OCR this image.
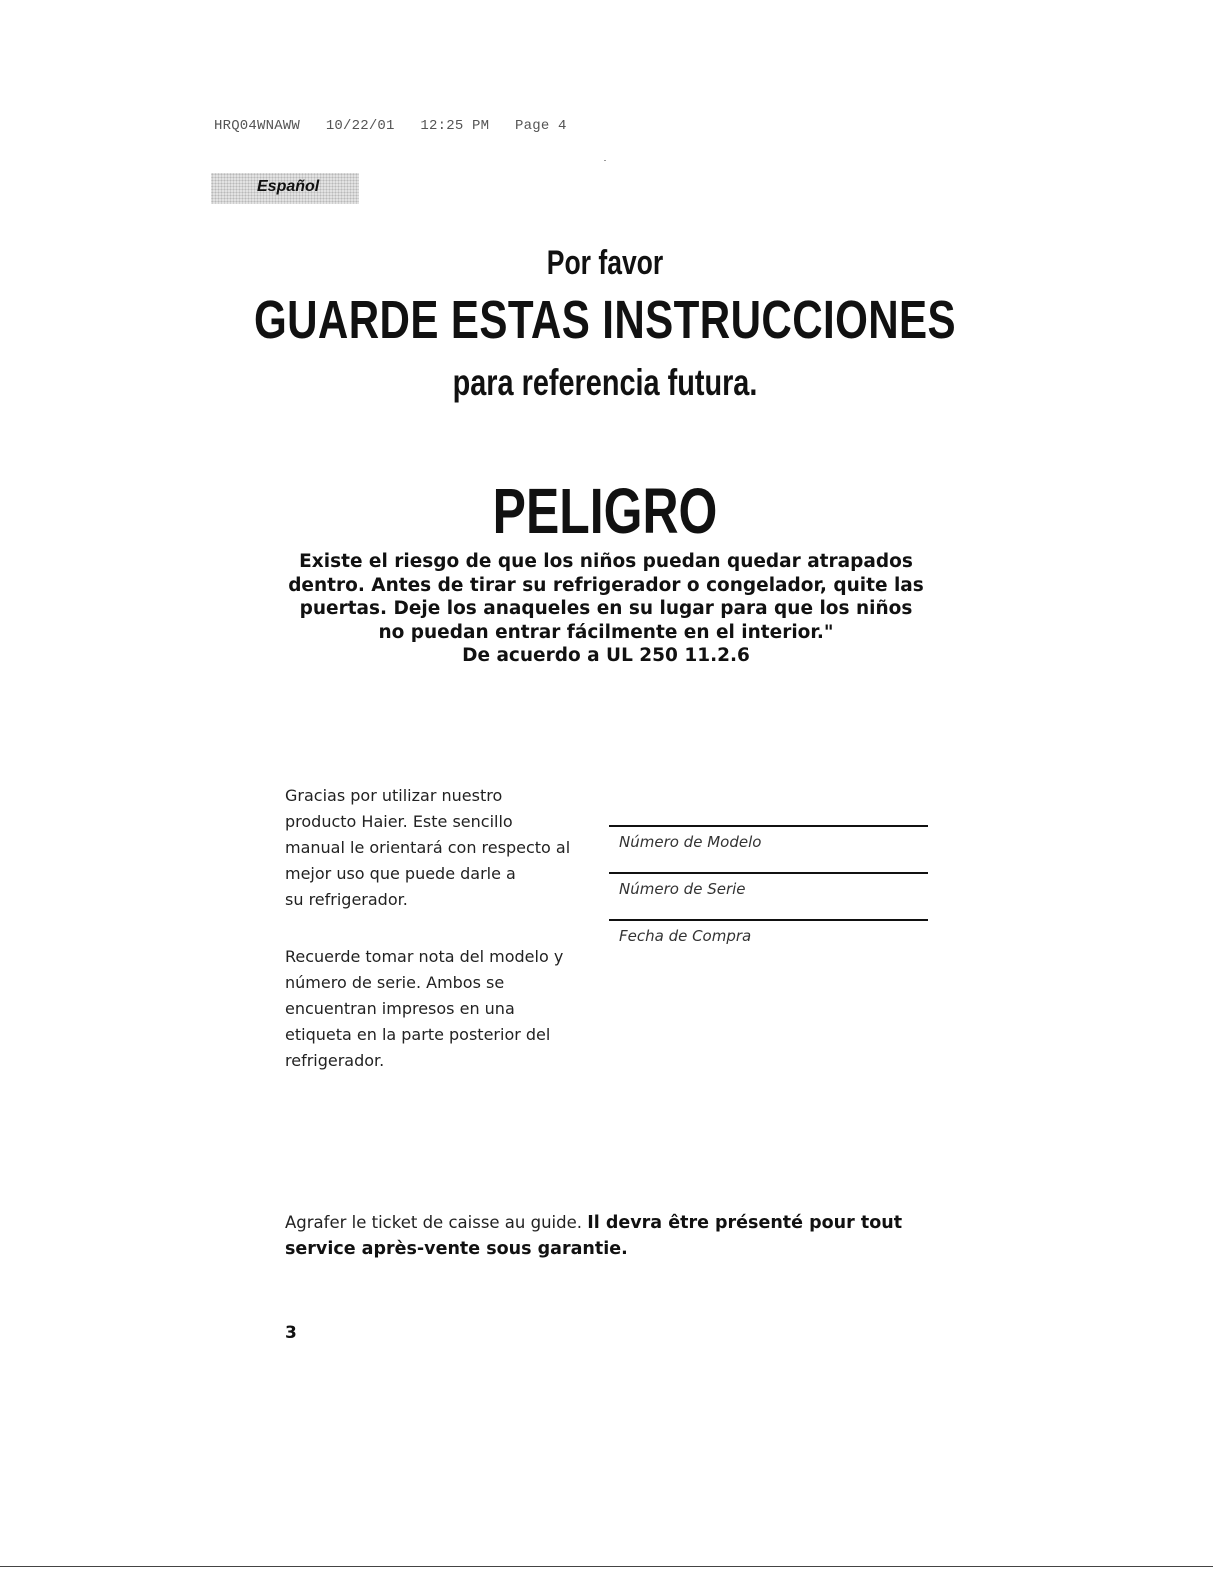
HRQ04WNAWW   10/22/01   12:25 PM   Page 4
Español
Por favor
GUARDE ESTAS INSTRUCCIONES
para referencia futura.
PELIGRO
Existe el riesgo de que los niños puedan quedar atrapados
dentro. Antes de tirar su refrigerador o congelador, quite las
puertas. Deje los anaqueles en su lugar para que los niños
no puedan entrar fácilmente en el interior."
De acuerdo a UL 250 11.2.6
Gracias por utilizar nuestro
producto Haier. Este sencillo
manual le orientará con respecto al
mejor uso que puede darle a
su refrigerador.
Recuerde tomar nota del modelo y
número de serie. Ambos se
encuentran impresos en una
etiqueta en la parte posterior del
refrigerador.
Número de Modelo
Número de Serie
Fecha de Compra
Agrafer le ticket de caisse au guide. Il devra être présenté pour tout
service après-vente sous garantie.
3
